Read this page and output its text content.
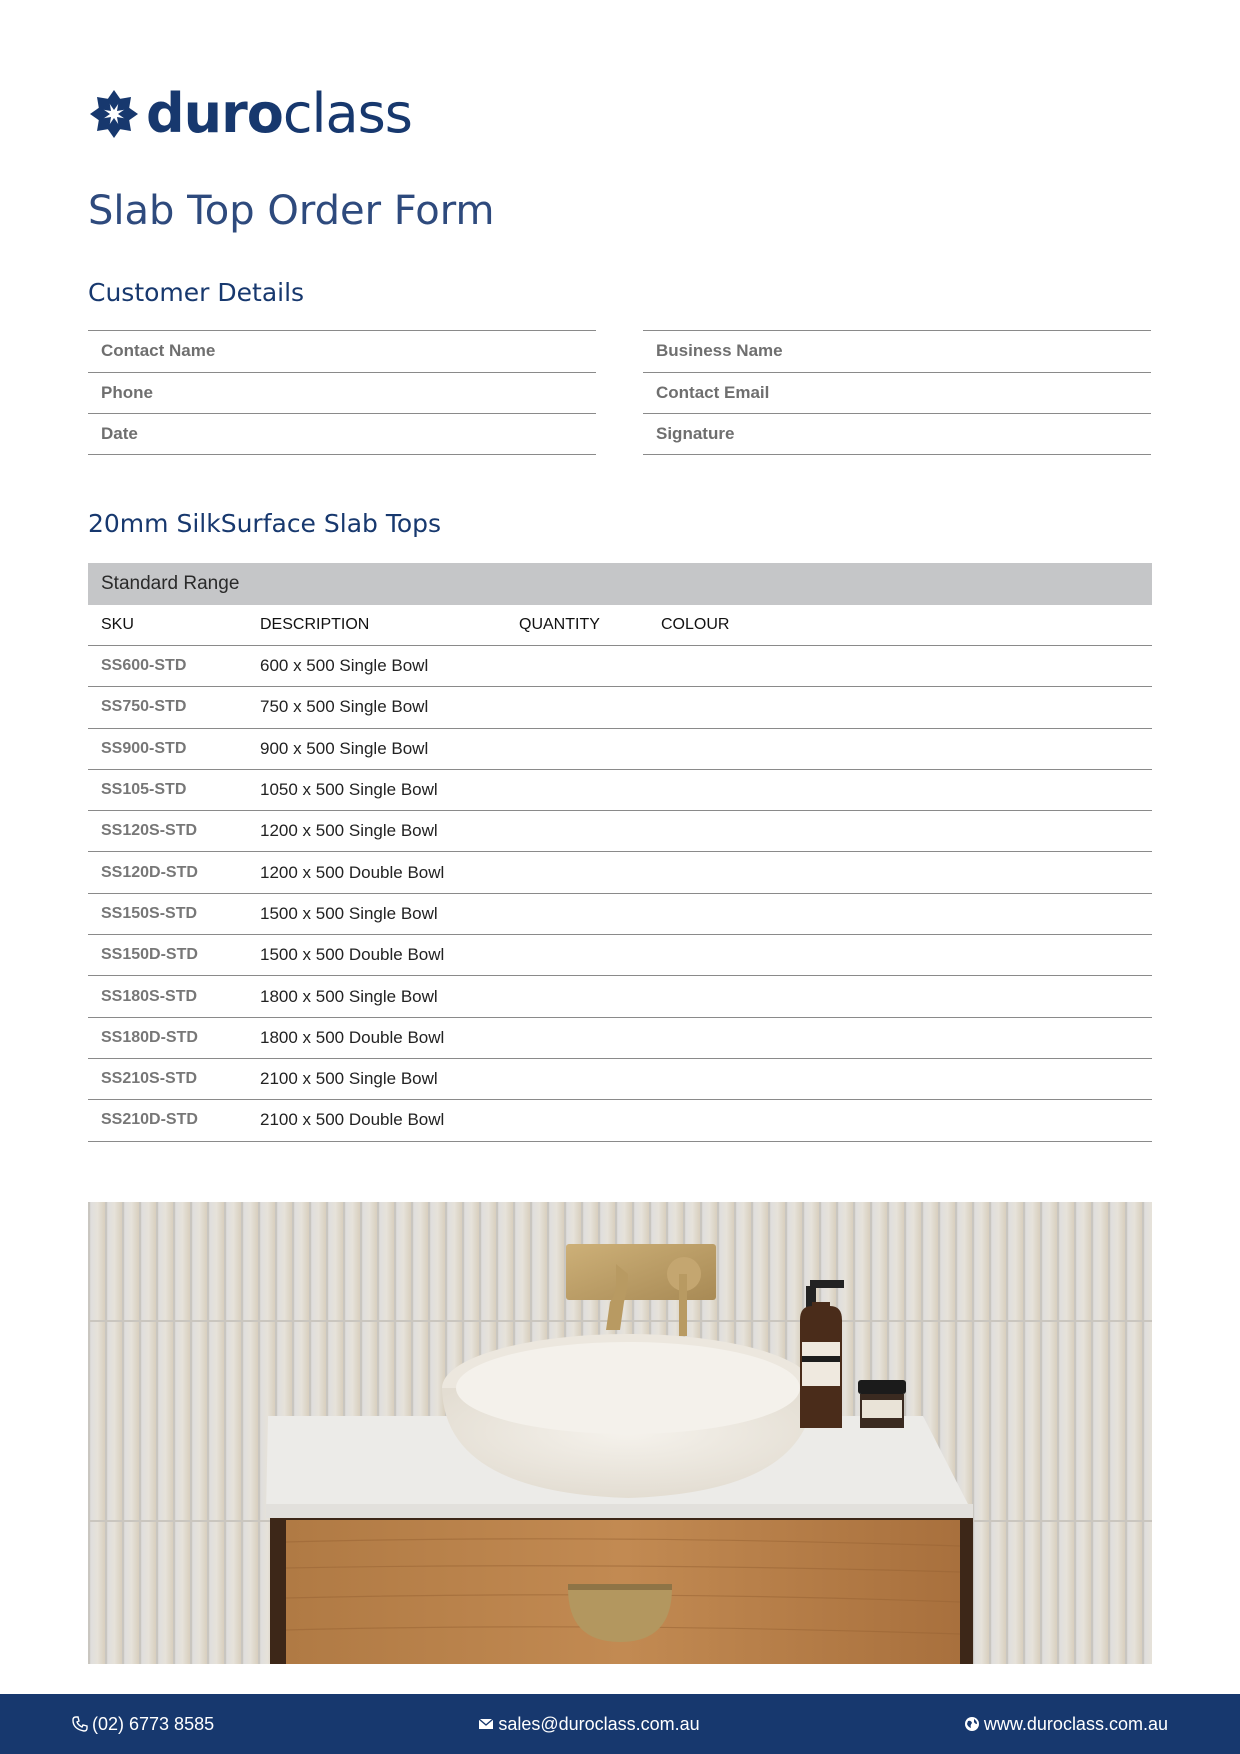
duroclass
Slab Top Order Form
Customer Details
Contact Name
Phone
Date
Business Name
Contact Email
Signature
20mm SilkSurface Slab Tops
Standard Range
SKU	DESCRIPTION	QUANTITY	COLOUR
SS600-STD	600 x 500 Single Bowl
SS750-STD	750 x 500 Single Bowl
SS900-STD	900 x 500 Single Bowl
SS105-STD	1050 x 500 Single Bowl
SS120S-STD	1200 x 500 Single Bowl
SS120D-STD	1200 x 500 Double Bowl
SS150S-STD	1500 x 500 Single Bowl
SS150D-STD	1500 x 500 Double Bowl
SS180S-STD	1800 x 500 Single Bowl
SS180D-STD	1800 x 500 Double Bowl
SS210S-STD	2100 x 500 Single Bowl
SS210D-STD	2100 x 500 Double Bowl
(02) 6773 8585	sales@duroclass.com.au	www.duroclass.com.au
